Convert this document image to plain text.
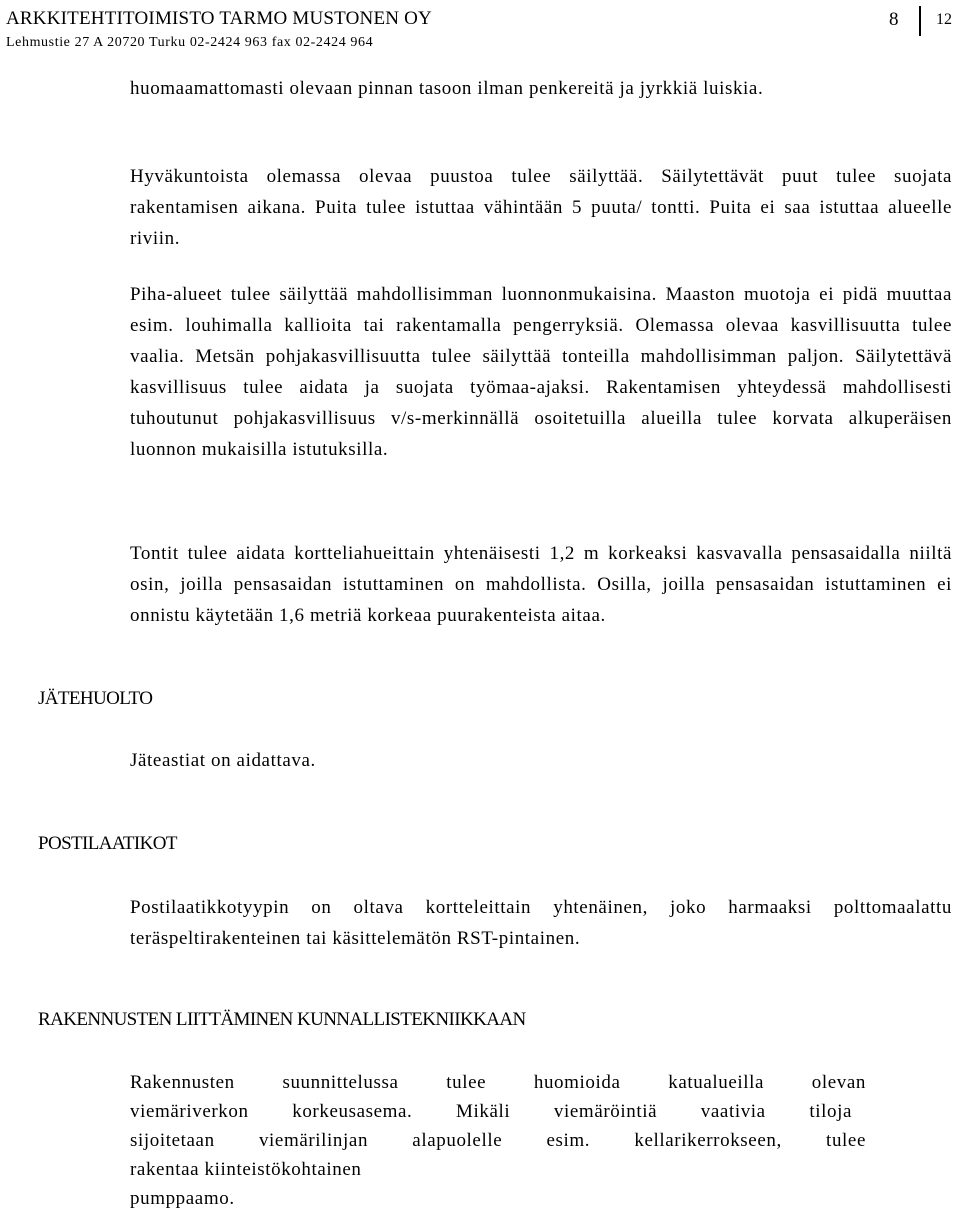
ARKKITEHTITOIMISTO TARMO MUSTONEN OY
Lehmustie 27 A 20720 Turku 02-2424 963 fax 02-2424 964
8 12

huomaamattomasti olevaan pinnan tasoon ilman penkereitä ja jyrkkiä luiskia.

Hyväkuntoista olemassa olevaa puustoa tulee säilyttää. Säilytettävät puut tulee suojata rakentamisen aikana. Puita tulee istuttaa vähintään 5 puuta/ tontti. Puita ei saa istuttaa alueelle riviin.

Piha-alueet tulee säilyttää mahdollisimman luonnonmukaisina. Maaston muotoja ei pidä muuttaa esim. louhimalla kallioita tai rakentamalla pengerryksiä. Olemassa olevaa kasvillisuutta tulee vaalia. Metsän pohjakasvillisuutta tulee säilyttää tonteilla mahdollisimman paljon. Säilytettävä kasvillisuus tulee aidata ja suojata työmaa-ajaksi. Rakentamisen yhteydessä mahdollisesti tuhoutunut pohjakasvillisuus v/s-merkinnällä osoitetuilla alueilla tulee korvata alkuperäisen luonnon mukaisilla istutuksilla.

Tontit tulee aidata kortteliahueittain yhtenäisesti 1,2 m korkeaksi kasvavalla pensasaidalla niiltä osin, joilla pensasaidan istuttaminen on mahdollista. Osilla, joilla pensasaidan istuttaminen ei onnistu käytetään 1,6 metriä korkeaa puurakenteista aitaa.

JÄTEHUOLTO

Jäteastiat on aidattava.

POSTILAATIKOT

Postilaatikkotyypin on oltava kortteleittain yhtenäinen, joko harmaaksi polttomaalattu teräspeltirakenteinen tai käsittelemätön RST-pintainen.

RAKENNUSTEN LIITTÄMINEN KUNNALLISTEKNIIKKAAN

Rakennusten suunnittelussa tulee huomioida katualueilla olevan

viemäriverkon korkeusasema. Mikäli viemäröintiä vaativia tiloja

sijoitetaan viemärilinjan alapuolelle esim. kellarikerrokseen, tulee

rakentaa kiinteistökohtainen

pumppaamo.
